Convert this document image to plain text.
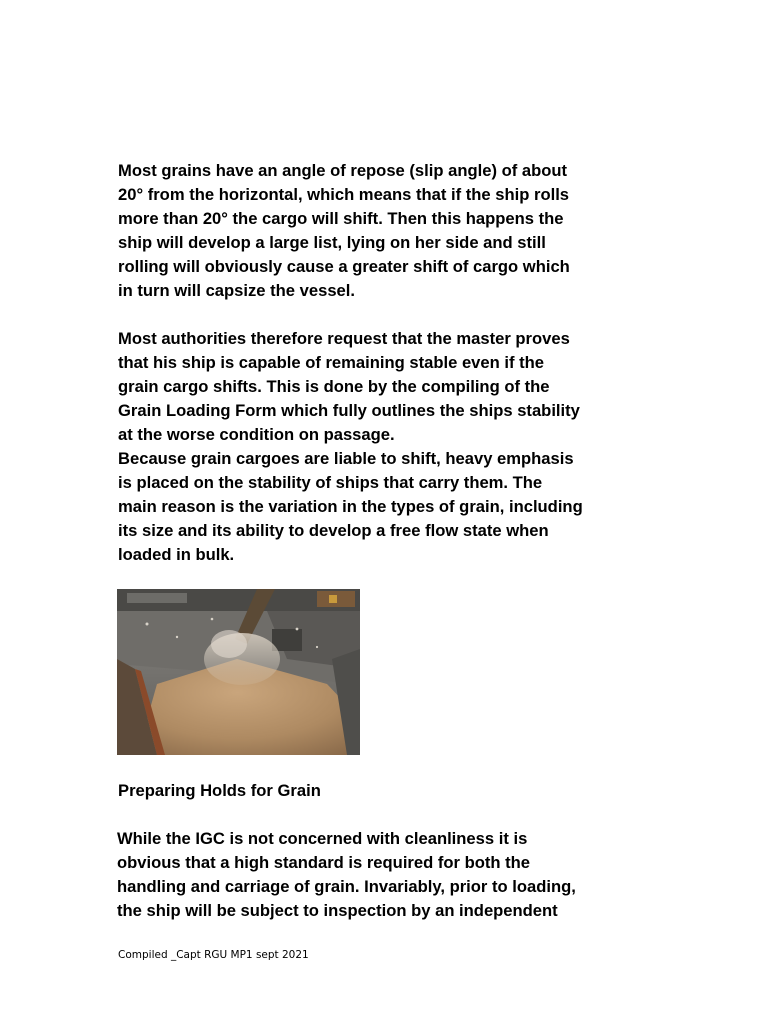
Most grains have an angle of repose (slip angle) of about
20° from the horizontal, which means that if the ship rolls
more than 20° the cargo will shift. Then this happens the
ship will develop a large list, lying on her side and still
rolling will obviously cause a greater shift of cargo which
in turn will capsize the vessel.
Most authorities therefore request that the master proves
that his ship is capable of remaining stable even if the
grain cargo shifts. This is done by the compiling of the
Grain Loading Form which fully outlines the ships stability
at the worse condition on passage.
Because grain cargoes are liable to shift, heavy emphasis
is placed on the stability of ships that carry them. The
main reason is the variation in the types of grain, including
its size and its ability to develop a free flow state when
loaded in bulk.
Preparing Holds for Grain
While the IGC is not concerned with cleanliness it is
obvious that a high standard is required for both the
handling and carriage of grain. Invariably, prior to loading,
the ship will be subject to inspection by an independent
Compiled _Capt RGU MP1 sept 2021
